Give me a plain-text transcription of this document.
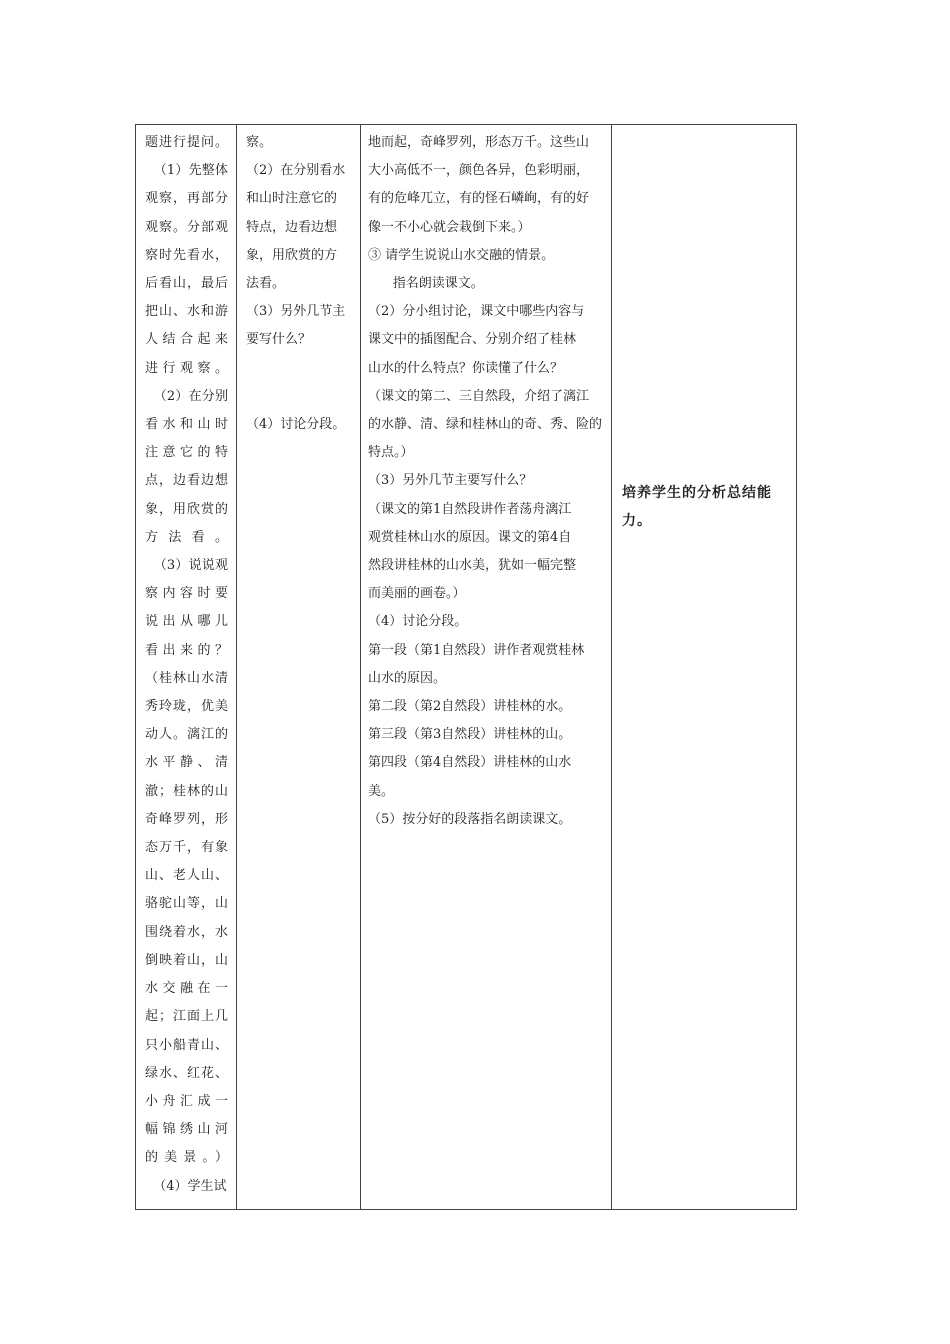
题进行提问。

（1）先整体

观察，再部分

观察。分部观

察时先看水，

后看山，最后

把山、水和游

人结合起来

进行观察。

（2）在分别

看水和山时

注意它的特

点，边看边想

象，用欣赏的

方法看。

（3）说说观

察内容时要

说出从哪儿

看出来的？

（桂林山水清

秀玲珑，优美

动人。漓江的

水平静、清

澈；桂林的山

奇峰罗列，形

态万千，有象

山、老人山、

骆驼山等，山

围绕着水，水

倒映着山，山

水交融在一

起；江面上几

只小船青山、

绿水、红花、

小舟汇成一

幅锦绣山河

的美景。）

（4）学生试

察。

（2）在分别看水

和山时注意它的

特点，边看边想

象，用欣赏的方

法看。

（3）另外几节主

要写什么？

（4）讨论分段。

地而起，奇峰罗列，形态万千。这些山

大小高低不一，颜色各异，色彩明丽，

有的危峰兀立，有的怪石嶙峋，有的好

像一不小心就会栽倒下来。）

③ 请学生说说山水交融的情景。

指名朗读课文。

（2）分小组讨论，课文中哪些内容与

课文中的插图配合、分别介绍了桂林

山水的什么特点？你读懂了什么？

（课文的第二、三自然段，介绍了漓江

的水静、清、绿和桂林山的奇、秀、险的

特点。）

（3）另外几节主要写什么？

（课文的第1自然段讲作者荡舟漓江

观赏桂林山水的原因。课文的第4自

然段讲桂林的山水美，犹如一幅完整

而美丽的画卷。）

（4）讨论分段。

第一段（第1自然段）讲作者观赏桂林

山水的原因。

第二段（第2自然段）讲桂林的水。

第三段（第3自然段）讲桂林的山。

第四段（第4自然段）讲桂林的山水

美。

（5）按分好的段落指名朗读课文。

培养学生的分析总结能力。
